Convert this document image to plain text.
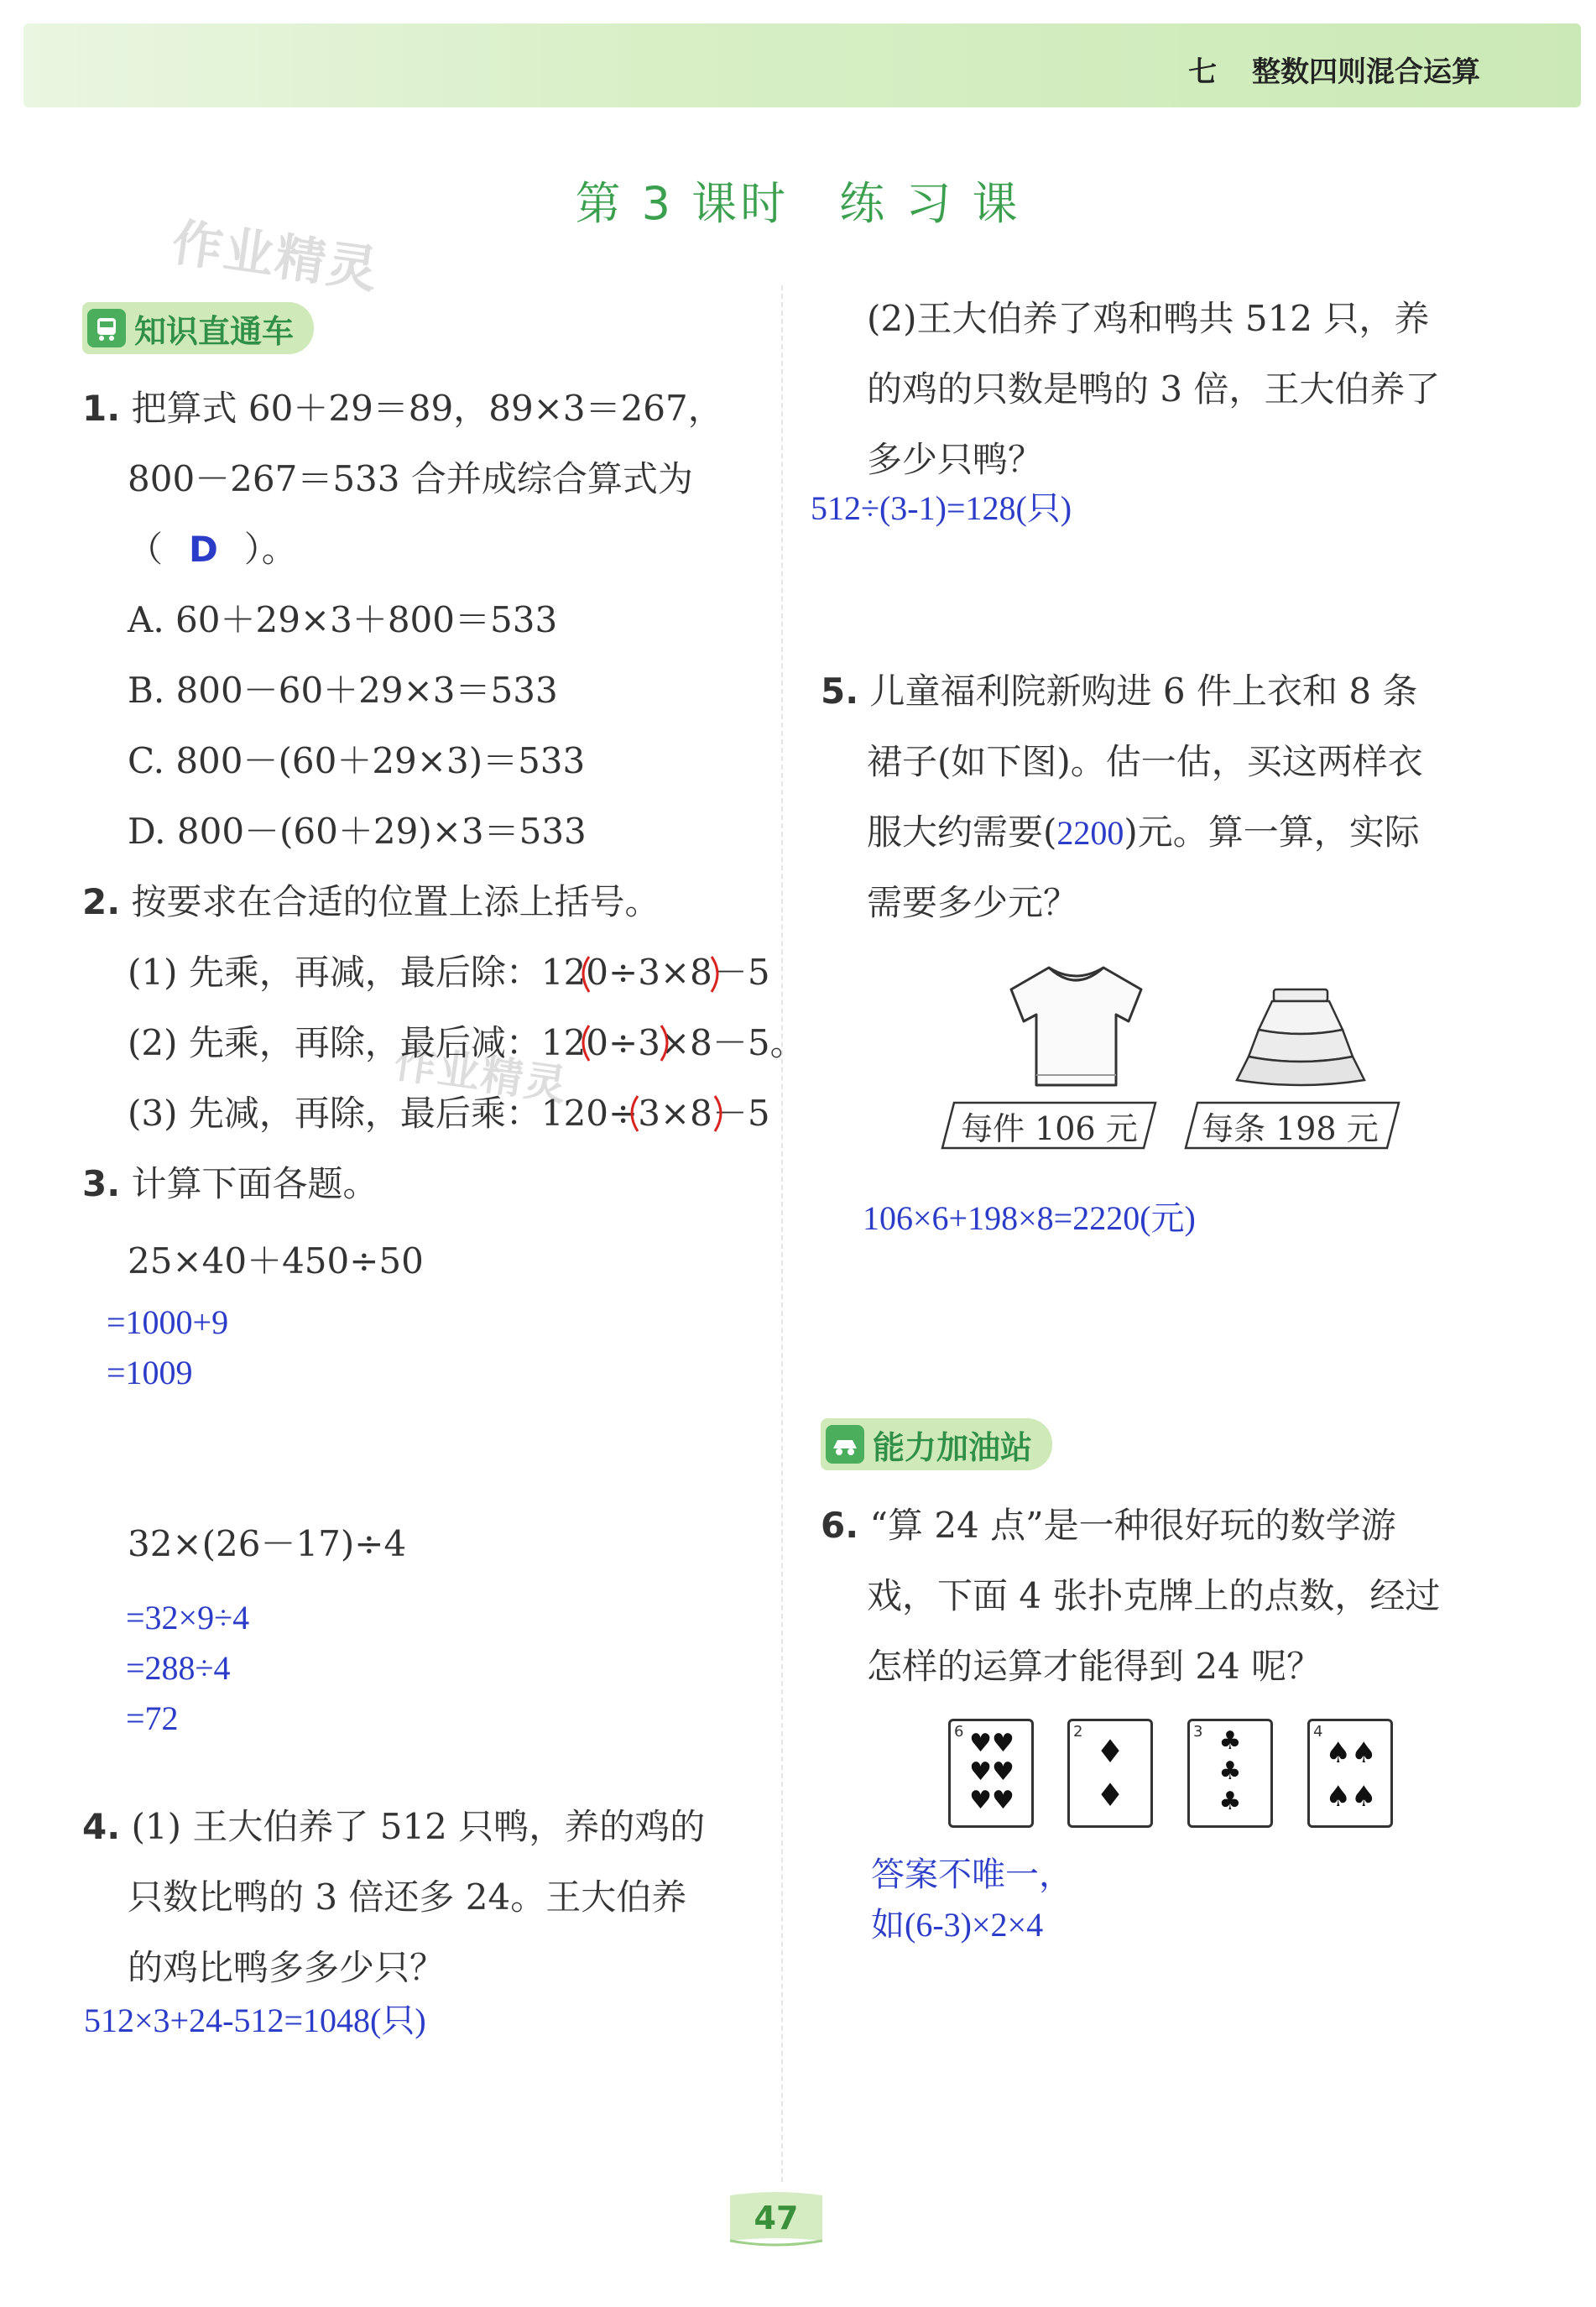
七 整数四则混合运算
第 3 课时 练 习 课
作业精灵
作业精灵
知识直通车
1. 把算式 60＋29＝89，89×3＝267，
800－267＝533 合并成综合算式为
（ D ）。
A. 60＋29×3＋800＝533
B. 800－60＋29×3＝533
C. 800－(60＋29×3)＝533
D. 800－(60＋29)×3＝533
2. 按要求在合适的位置上添上括号。
(1) 先乘，再减，最后除：120÷3×8－5
(2) 先乘，再除，最后减：120÷3×8－5。
(3) 先减，再除，最后乘：120÷3×8－5
3. 计算下面各题。
25×40＋450÷50
=1000+9
=1009
32×(26－17)÷4
=32×9÷4
=288÷4
=72
4. (1) 王大伯养了 512 只鸭，养的鸡的
只数比鸭的 3 倍还多 24。王大伯养
的鸡比鸭多多少只？
512×3+24-512=1048(只)
(2)王大伯养了鸡和鸭共 512 只，养
的鸡的只数是鸭的 3 倍，王大伯养了
多少只鸭？
512÷(3-1)=128(只)
5. 儿童福利院新购进 6 件上衣和 8 条
裙子(如下图)。估一估，买这两样衣
服大约需要(2200)元。算一算，实际
需要多少元？
每件 106 元 每条 198 元
106×6+198×8=2220(元)
能力加油站
6. “算 24 点”是一种很好玩的数学游
戏，下面 4 张扑克牌上的点数，经过
怎样的运算才能得到 24 呢？
6 ♥♥
♥♥
♥♥
2
♦
♦
3 ♣
♣
♣
4
♠♠
♠♠
答案不唯一，
如(6-3)×2×4
47
